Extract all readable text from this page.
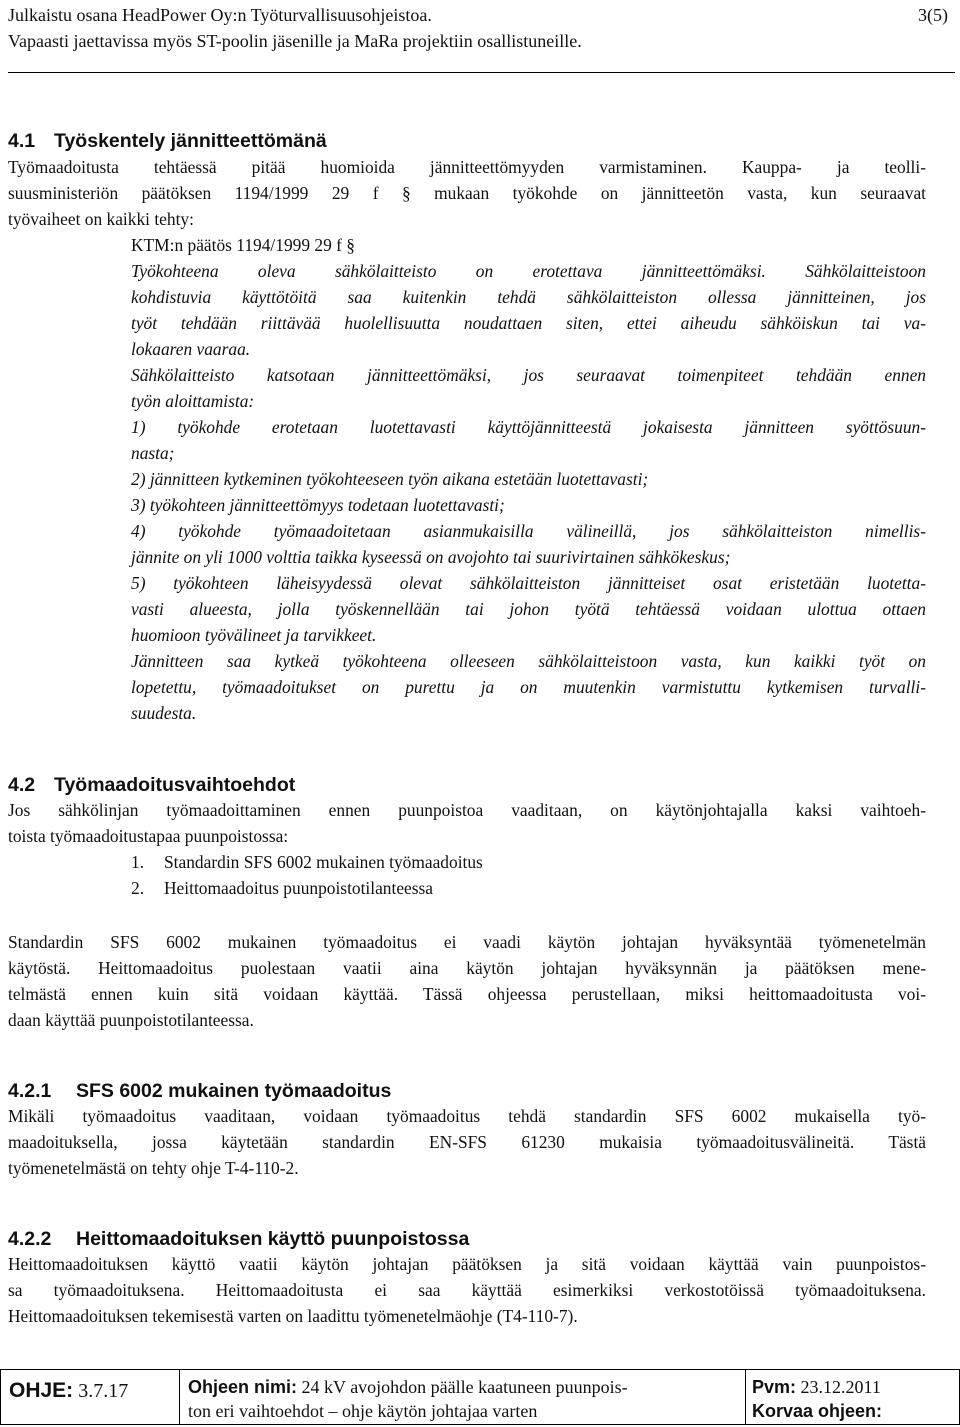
Julkaistu osana HeadPower Oy:n Työturvallisuusohjeistoa.	3(5)
Vapaasti jaettavissa myös ST-poolin jäsenille ja MaRa projektiin osallistuneille.
4.1 Työskentely jännitteettömänä
Työmaadoitusta tehtäessä pitää huomioida jännitteettömyyden varmistaminen. Kauppa- ja teolli-
suusministeriön päätöksen 1194/1999 29 f § mukaan työkohde on jännitteetön vasta, kun seuraavat
työvaiheet on kaikki tehty:
KTM:n päätös 1194/1999 29 f §
Työkohteena oleva sähkölaitteisto on erotettava jännitteettömäksi. Sähkölaitteistoon
kohdistuvia käyttötöitä saa kuitenkin tehdä sähkölaitteiston ollessa jännitteinen, jos
työt tehdään riittävää huolellisuutta noudattaen siten, ettei aiheudu sähköiskun tai va-
lokaaren vaaraa.
Sähkölaitteisto katsotaan jännitteettömäksi, jos seuraavat toimenpiteet tehdään ennen
työn aloittamista:
1) työkohde erotetaan luotettavasti käyttöjännitteestä jokaisesta jännitteen syöttösuun-
nasta;
2) jännitteen kytkeminen työkohteeseen työn aikana estetään luotettavasti;
3) työkohteen jännitteettömyys todetaan luotettavasti;
4) työkohde työmaadoitetaan asianmukaisilla välineillä, jos sähkölaitteiston nimellis-
jännite on yli 1000 volttia taikka kyseessä on avojohto tai suurivirtainen sähkökeskus;
5) työkohteen läheisyydessä olevat sähkölaitteiston jännitteiset osat eristetään luotetta-
vasti alueesta, jolla työskennellään tai johon työtä tehtäessä voidaan ulottua ottaen
huomioon työvälineet ja tarvikkeet.
Jännitteen saa kytkeä työkohteena olleeseen sähkölaitteistoon vasta, kun kaikki työt on
lopetettu, työmaadoitukset on purettu ja on muutenkin varmistuttu kytkemisen turvalli-
suudesta.
4.2 Työmaadoitusvaihtoehdot
Jos sähkölinjan työmaadoittaminen ennen puunpoistoa vaaditaan, on käytönjohtajalla kaksi vaihtoeh-
toista työmaadoitustapaa puunpoistossa:
1. Standardin SFS 6002 mukainen työmaadoitus
2. Heittomaadoitus puunpoistotilanteessa
Standardin SFS 6002 mukainen työmaadoitus ei vaadi käytön johtajan hyväksyntää työmenetelmän
käytöstä. Heittomaadoitus puolestaan vaatii aina käytön johtajan hyväksynnän ja päätöksen mene-
telmästä ennen kuin sitä voidaan käyttää. Tässä ohjeessa perustellaan, miksi heittomaadoitusta voi-
daan käyttää puunpoistotilanteessa.
4.2.1 SFS 6002 mukainen työmaadoitus
Mikäli työmaadoitus vaaditaan, voidaan työmaadoitus tehdä standardin SFS 6002 mukaisella työ-
maadoituksella, jossa käytetään standardin EN-SFS 61230 mukaisia työmaadoitusvälineitä. Tästä
työmenetelmästä on tehty ohje T-4-110-2.
4.2.2 Heittomaadoituksen käyttö puunpoistossa
Heittomaadoituksen käyttö vaatii käytön johtajan päätöksen ja sitä voidaan käyttää vain puunpoistos-
sa työmaadoituksena. Heittomaadoitusta ei saa käyttää esimerkiksi verkostotöissä työmaadoituksena.
Heittomaadoituksen tekemisestä varten on laadittu työmenetelmäohje (T4-110-7).
OHJE: 3.7.17	Ohjeen nimi: 24 kV avojohdon päälle kaatuneen puunpois-
ton eri vaihtoehdot – ohje käytön johtajaa varten
Pvm: 23.12.2011
Korvaa ohjeen:
